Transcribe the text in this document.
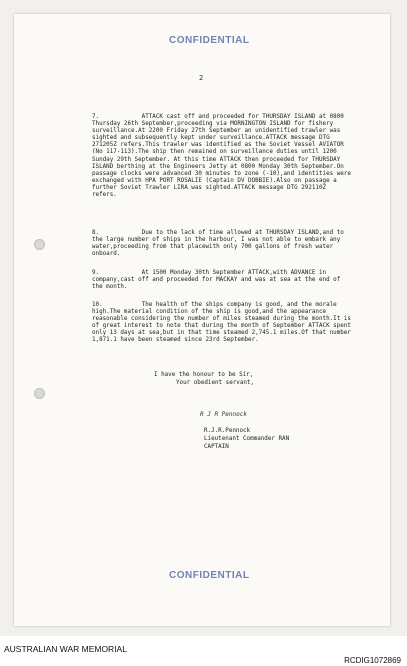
CONFIDENTIAL
2

7.	ATTACK cast off and proceeded for THURSDAY ISLAND at 0800 Thursday 26th September,proceeding via MORNINGTON ISLAND for fishery surveillance.At 2200 Friday 27th September an unidentified trawler was sighted and subsequently kept under surveillance.ATTACK message DTG 271205Z refers.This trawler was identified as the Soviet Vessel AVIATOR (No 117-113).The ship then remained on surveillance duties until 1200 Sunday 29th September. At this time ATTACK then proceeded for THURSDAY ISLAND berthing at the Engineers Jetty at 0800 Monday 30th September.On passage clocks were advanced 30 minutes to zone (-10),and identities were exchanged with HPA PORT ROSALIE (Captain DV DOBBIE).Also on passage a further Soviet Trawler LIRA was sighted.ATTACK message DTG 292110Z refers.

8.	Due to the lack of time allowed at THURSDAY ISLAND,and to the large number of ships in the harbour, I was not able to embark any water,proceeding from that placewith only 700 gallons of fresh water onboard.

9.	At 1500 Monday 30th September ATTACK,with ADVANCE in company,cast off and proceeded for MACKAY and was at sea at the end of the month.

10.	The health of the ships company is good, and the morale high.The material condition of the ship is good,and the appearance reasonable considering the number of miles steamed during the month.It is of great interest to note that during the month of September ATTACK spent only 13 days at sea,but in that time steamed 2,745.1 miles.Of that number 1,871.1 have been steamed since 23rd September.

I have the honour to be Sir,
Your obedient servant,
R J R Pennock
R.J.R.Pennock
Lieutenant Commander RAN
CAPTAIN
CONFIDENTIAL
AUSTRALIAN WAR MEMORIAL
RCDIG1072869
